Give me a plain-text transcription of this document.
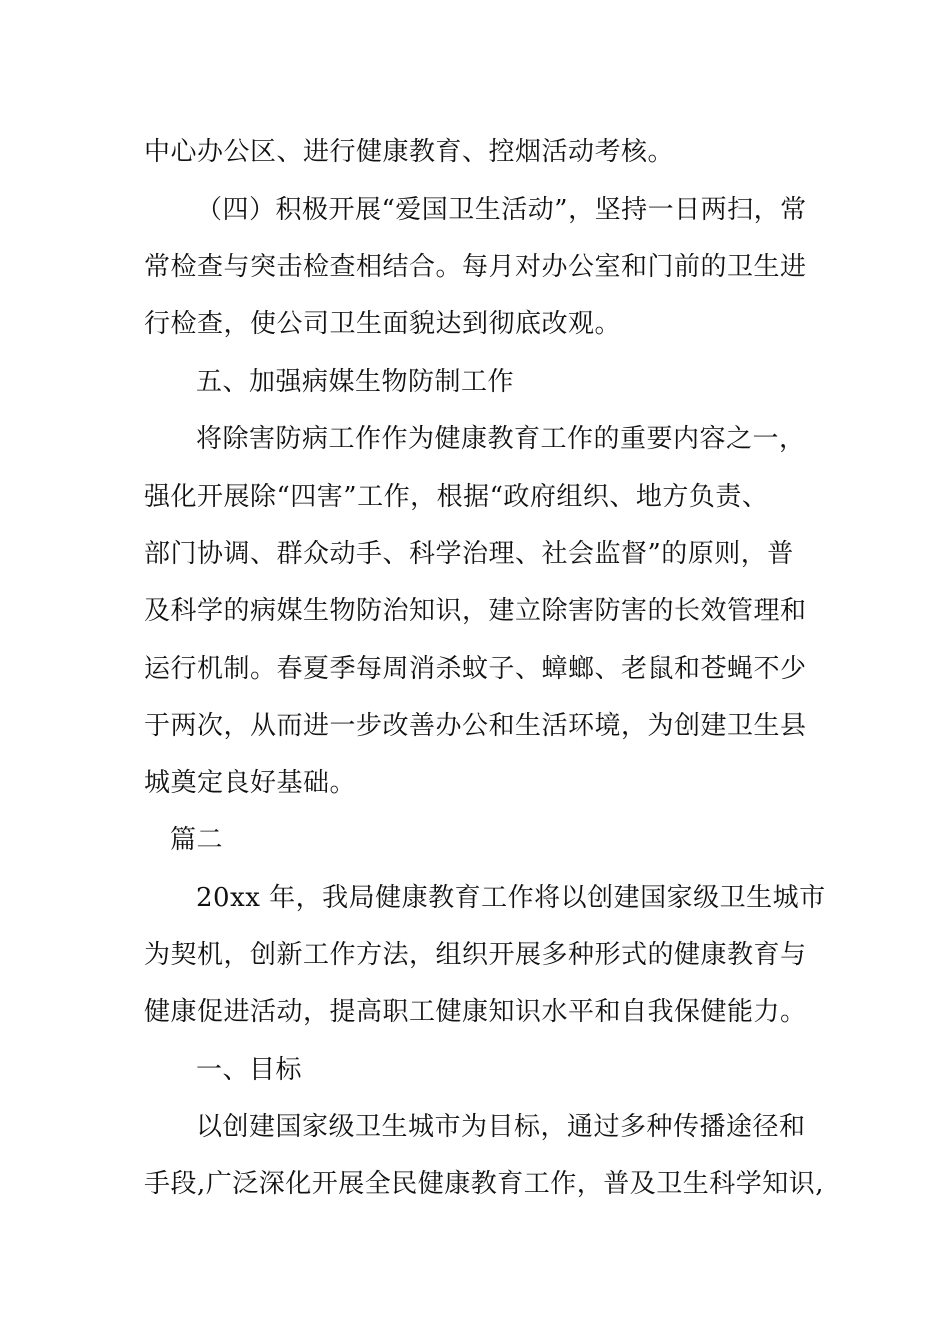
中心办公区、进行健康教育、控烟活动考核。
（四）积极开展“爱国卫生活动”，坚持一日两扫，常
常检查与突击检查相结合。每月对办公室和门前的卫生进
行检查，使公司卫生面貌达到彻底改观。
五、加强病媒生物防制工作
将除害防病工作作为健康教育工作的重要内容之一，
强化开展除“四害”工作，根据“政府组织、地方负责、
部门协调、群众动手、科学治理、社会监督”的原则，普
及科学的病媒生物防治知识，建立除害防害的长效管理和
运行机制。春夏季每周消杀蚊子、蟑螂、老鼠和苍蝇不少
于两次，从而进一步改善办公和生活环境，为创建卫生县
城奠定良好基础。
篇二
20xx 年，我局健康教育工作将以创建国家级卫生城市
为契机，创新工作方法，组织开展多种形式的健康教育与
健康促进活动，提高职工健康知识水平和自我保健能力。
一、目标
以创建国家级卫生城市为目标，通过多种传播途径和
手段,广泛深化开展全民健康教育工作，普及卫生科学知识,
